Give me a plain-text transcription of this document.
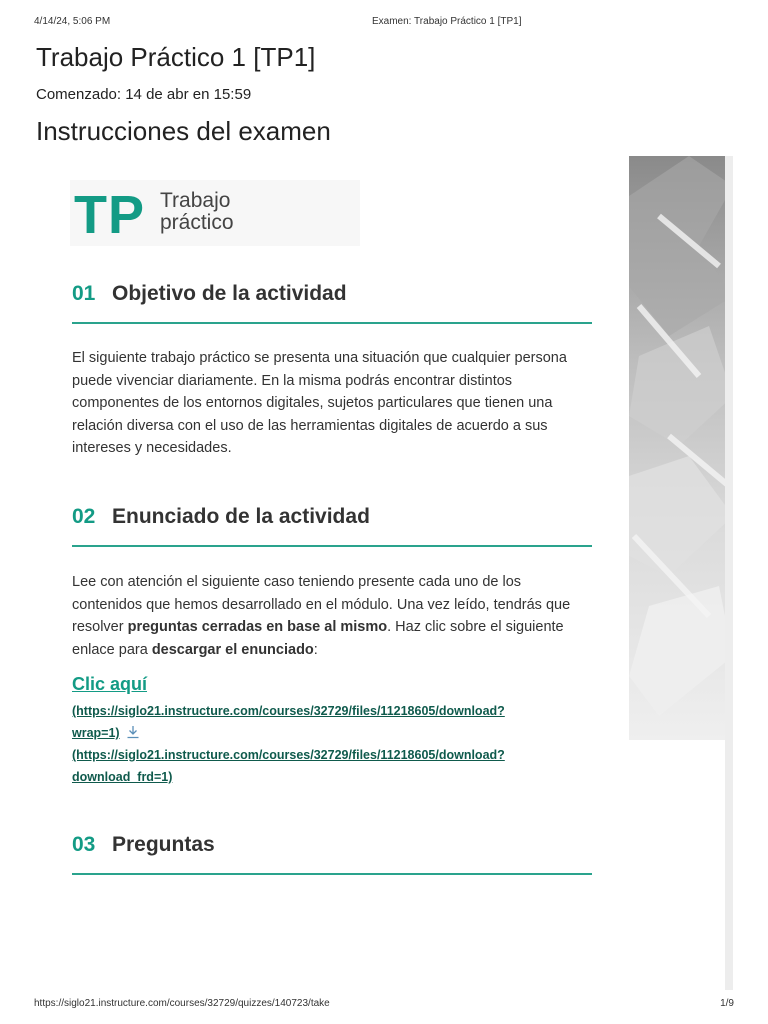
4/14/24, 5:06 PM	Examen: Trabajo Práctico 1 [TP1]
Trabajo Práctico 1 [TP1]
Comenzado: 14 de abr en 15:59
Instrucciones del examen
TP Trabajo
práctico
01 Objetivo de la actividad

El siguiente trabajo práctico se presenta una situación que cualquier persona puede vivenciar diariamente. En la misma podrás encontrar distintos componentes de los entornos digitales, sujetos particulares que tienen una relación diversa con el uso de las herramientas digitales de acuerdo a sus intereses y necesidades.

02 Enunciado de la actividad

Lee con atención el siguiente caso teniendo presente cada uno de los contenidos que hemos desarrollado en el módulo. Una vez leído, tendrás que resolver preguntas cerradas en base al mismo. Haz clic sobre el siguiente enlace para descargar el enunciado:

Clic aquí
(https://siglo21.instructure.com/courses/32729/files/11218605/download?
wrap=1)
(https://siglo21.instructure.com/courses/32729/files/11218605/download?
download_frd=1)
03 Preguntas
https://siglo21.instructure.com/courses/32729/quizzes/140723/take	1/9
